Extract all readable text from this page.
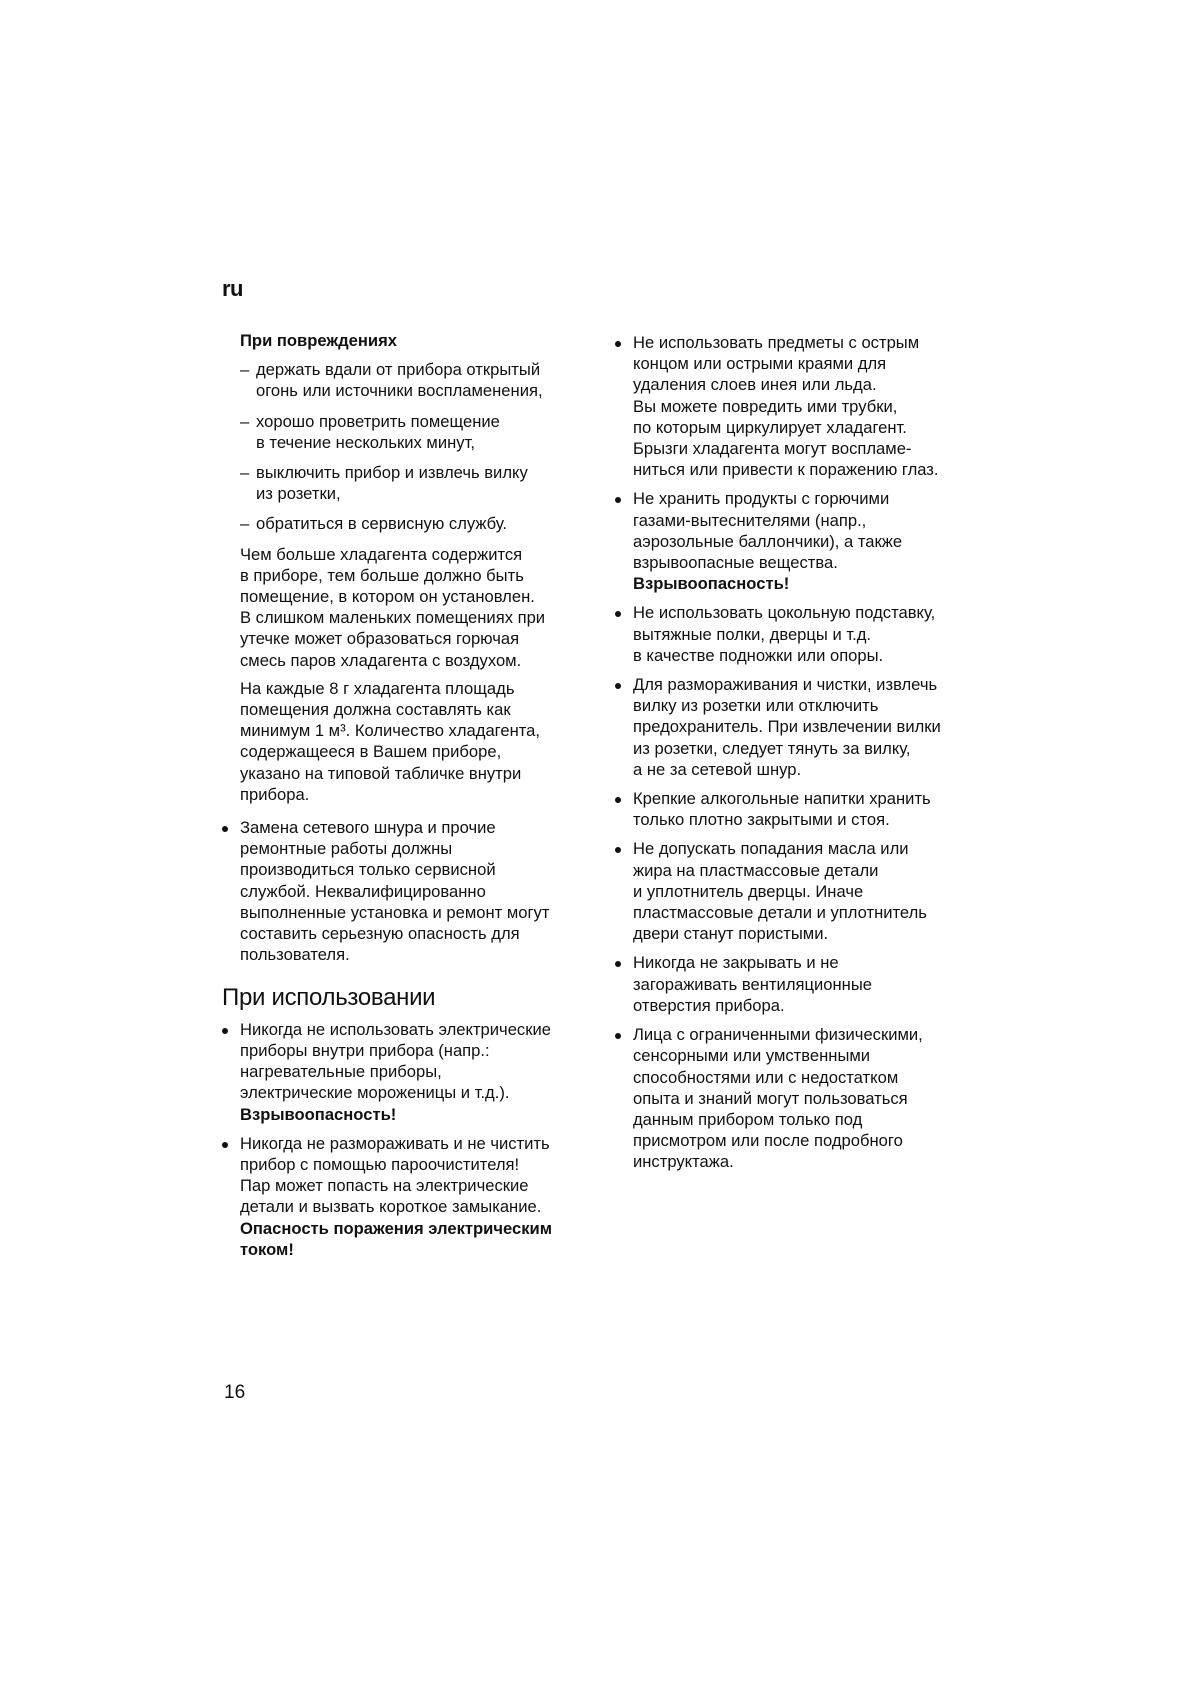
ru
При повреждениях
– держать вдали от прибора открытый
огонь или источники воспламенения,
– хорошо проветрить помещение
в течение нескольких минут,
– выключить прибор и извлечь вилку
из розетки,
– обратиться в сервисную службу.
Чем больше хладагента содержится
в приборе, тем больше должно быть
помещение, в котором он установлен.
В слишком маленьких помещениях при
утечке может образоваться горючая
смесь паров хладагента с воздухом.
На каждые 8 г хладагента площадь
помещения должна составлять как
минимум 1 м³. Количество хладагента,
содержащееся в Вашем приборе,
указано на типовой табличке внутри
прибора.
Замена сетевого шнура и прочие
ремонтные работы должны
производиться только сервисной
службой. Неквалифицированно
выполненные установка и ремонт могут
составить серьезную опасность для
пользователя.
При использовании
Никогда не использовать электрические
приборы внутри прибора (напр.:
нагревательные приборы,
электрические мороженицы и т.д.).
Взрывоопасность!
Никогда не размораживать и не чистить
прибор с помощью пароочистителя!
Пар может попасть на электрические
детали и вызвать короткое замыкание.
Опасность поражения электрическим
током!
Не использовать предметы с острым
концом или острыми краями для
удаления слоев инея или льда.
Вы можете повредить ими трубки,
по которым циркулирует хладагент.
Брызги хладагента могут воспламе-
ниться или привести к поражению глаз.
Не хранить продукты с горючими
газами-вытеснителями (напр.,
аэрозольные баллончики), а также
взрывоопасные вещества.
Взрывоопасность!
Не использовать цокольную подставку,
вытяжные полки, дверцы и т.д.
в качестве подножки или опоры.
Для размораживания и чистки, извлечь
вилку из розетки или отключить
предохранитель. При извлечении вилки
из розетки, следует тянуть за вилку,
а не за сетевой шнур.
Крепкие алкогольные напитки хранить
только плотно закрытыми и стоя.
Не допускать попадания масла или
жира на пластмассовые детали
и уплотнитель дверцы. Иначе
пластмассовые детали и уплотнитель
двери станут пористыми.
Никогда не закрывать и не
загораживать вентиляционные
отверстия прибора.
Лица с ограниченными физическими,
сенсорными или умственными
способностями или с недостатком
опыта и знаний могут пользоваться
данным прибором только под
присмотром или после подробного
инструктажа.
16
